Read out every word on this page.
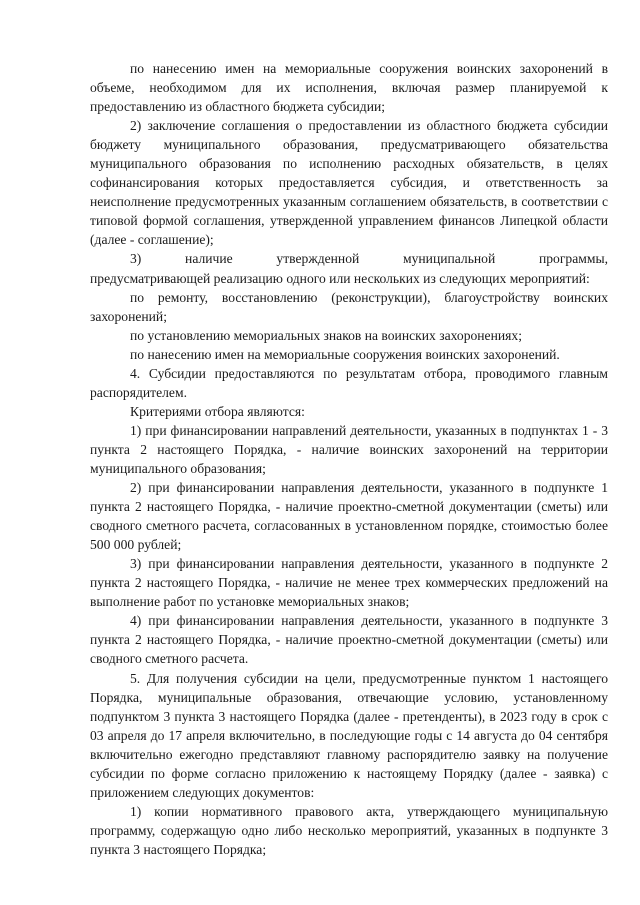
по нанесению имен на мемориальные сооружения воинских захоронений в объеме, необходимом для их исполнения, включая размер планируемой к предоставлению из областного бюджета субсидии;

2) заключение соглашения о предоставлении из областного бюджета субсидии бюджету муниципального образования, предусматривающего обязательства муниципального образования по исполнению расходных обязательств, в целях софинансирования которых предоставляется субсидия, и ответственность за неисполнение предусмотренных указанным соглашением обязательств, в соответствии с типовой формой соглашения, утвержденной управлением финансов Липецкой области (далее - соглашение);

3)	наличие	утвержденной	муниципальной	программы,

предусматривающей реализацию одного или нескольких из следующих мероприятий:

по ремонту, восстановлению (реконструкции), благоустройству воинских захоронений;

по установлению мемориальных знаков на воинских захоронениях;

по нанесению имен на мемориальные сооружения воинских захоронений.

4. Субсидии предоставляются по результатам отбора, проводимого главным распорядителем.

Критериями отбора являются:

1) при финансировании направлений деятельности, указанных в подпунктах 1 - 3 пункта 2 настоящего Порядка, - наличие воинских захоронений на территории муниципального образования;

2) при финансировании направления деятельности, указанного в подпункте 1 пункта 2 настоящего Порядка, - наличие проектно-сметной документации (сметы) или сводного сметного расчета, согласованных в установленном порядке, стоимостью более 500 000 рублей;

3) при финансировании направления деятельности, указанного в подпункте 2 пункта 2 настоящего Порядка, - наличие не менее трех коммерческих предложений на выполнение работ по установке мемориальных знаков;

4) при финансировании направления деятельности, указанного в подпункте 3 пункта 2 настоящего Порядка, - наличие проектно-сметной документации (сметы) или сводного сметного расчета.

5. Для получения субсидии на цели, предусмотренные пунктом 1 настоящего Порядка, муниципальные образования, отвечающие условию, установленному подпунктом 3 пункта 3 настоящего Порядка (далее - претенденты), в 2023 году в срок с 03 апреля до 17 апреля включительно, в последующие годы с 14 августа до 04 сентября включительно ежегодно представляют главному распорядителю заявку на получение субсидии по форме согласно приложению к настоящему Порядку (далее - заявка) с приложением следующих документов:

1) копии нормативного правового акта, утверждающего муниципальную программу, содержащую одно либо несколько мероприятий, указанных в подпункте 3 пункта 3 настоящего Порядка;
